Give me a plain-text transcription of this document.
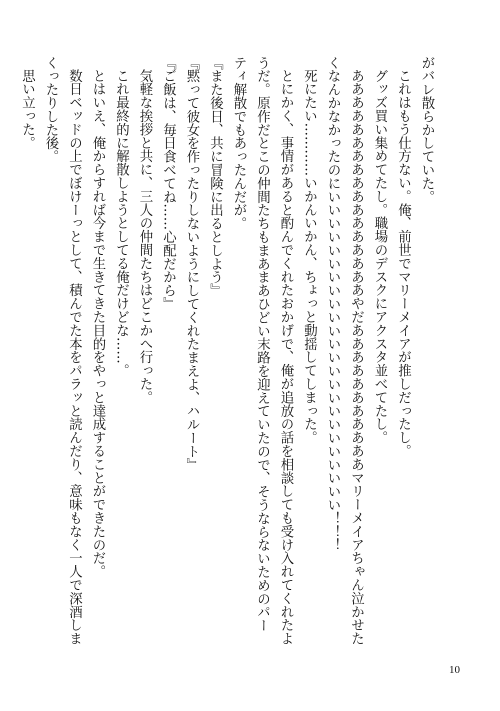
がバレ散らかしていた。
これはもう仕方ない。俺、前世でマリーメイアが推しだったし。
グッズ買い集めてたし。職場のデスクにアクスタ並べてたし。
あああああああああああああああああやだあああああああああああマリーメイアちゃん泣かせた
くなんかなかったのにいいいいいいいいいいいいいいいいいいいいいいいい！！！
死にたい…………いかんいかん、ちょっと動揺してしまった。
とにかく、事情があると酌んでくれたおかげで、俺が追放の話を相談しても受け入れてくれたよ
うだ。原作だとこの仲間たちもまあまあひどい末路を迎えていたので、そうならないためのパー
ティ解散でもあったんだが。
『また後日、共に冒険に出るとしよう』
『黙って彼女を作ったりしないようにしてくれたまえよ、ハルート』
『ご飯は、毎日食べてね……心配だから』
気軽な挨拶と共に、三人の仲間たちはどこかへ行った。
これ最終的に解散しようとしてる俺だけどな……。
とはいえ、俺からすれば今まで生きてきた目的をやっと達成することができたのだ。
数日ベッドの上でぼけーっとして、積んでた本をパラッと読んだり、意味もなく一人で深酒しま
くったりした後。
思い立った。
10
